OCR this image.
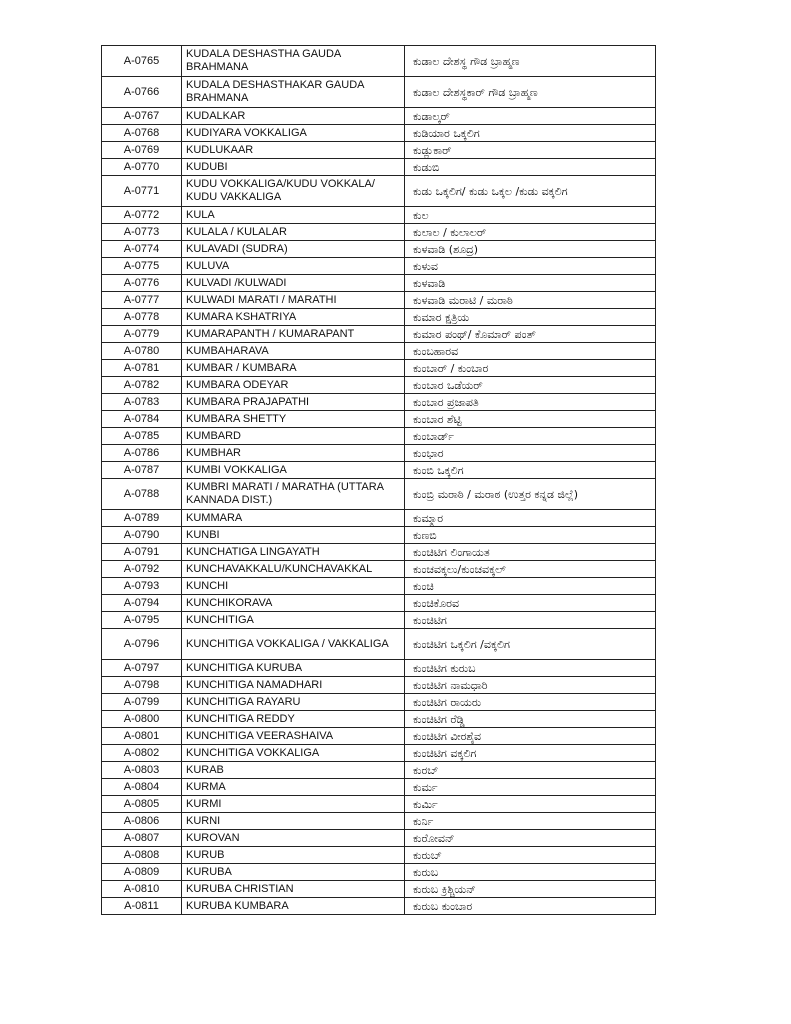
A-0765	KUDALA DESHASTHA GAUDA BRAHMANA	ಕುಡಾಲ ದೇಶಸ್ಥ ಗೌಡ ಬ್ರಾಹ್ಮಣ
A-0766	KUDALA DESHASTHAKAR GAUDA BRAHMANA	ಕುಡಾಲ ದೇಶಸ್ಥಕಾರ್ ಗೌಡ ಬ್ರಾಹ್ಮಣ
A-0767	KUDALKAR	ಕುಡಾಲ್ಕರ್
A-0768	KUDIYARA VOKKALIGA	ಕುಡಿಯಾರ ಒಕ್ಕಲಿಗ
A-0769	KUDLUKAAR	ಕುಡ್ಲುಕಾರ್
A-0770	KUDUBI	ಕುಡುಬಿ
A-0771	KUDU VOKKALIGA/KUDU VOKKALA/ KUDU VAKKALIGA	ಕುಡು ಒಕ್ಕಲಿಗ/ ಕುಡು ಒಕ್ಕಲ /ಕುಡು ವಕ್ಕಲಿಗ
A-0772	KULA	ಕುಲ
A-0773	KULALA / KULALAR	ಕುಲಾಲ / ಕುಲಾಲರ್
A-0774	KULAVADI (SUDRA)	ಕುಳವಾಡಿ (ಶೂದ್ರ)
A-0775	KULUVA	ಕುಳುವ
A-0776	KULVADI /KULWADI	ಕುಳವಾಡಿ
A-0777	KULWADI MARATI / MARATHI	ಕುಳವಾಡಿ ಮರಾಟಿ / ಮರಾಠಿ
A-0778	KUMARA KSHATRIYA	ಕುಮಾರ ಕ್ಷತ್ರಿಯ
A-0779	KUMARAPANTH / KUMARAPANT	ಕುಮಾರ ಪಂಥ್/ ಕೊಮಾರ್ ಪಂತ್
A-0780	KUMBAHARAVA	ಕುಂಬಹಾರವ
A-0781	KUMBAR / KUMBARA	ಕುಂಬಾರ್ / ಕುಂಬಾರ
A-0782	KUMBARA ODEYAR	ಕುಂಬಾರ ಒಡೆಯರ್
A-0783	KUMBARA PRAJAPATHI	ಕುಂಬಾರ ಪ್ರಜಾಪತಿ
A-0784	KUMBARA SHETTY	ಕುಂಬಾರ ಶೆಟ್ಟಿ
A-0785	KUMBARD	ಕುಂಬಾರ್ಡ್
A-0786	KUMBHAR	ಕುಂಭಾರ
A-0787	KUMBI VOKKALIGA	ಕುಂಬಿ ಒಕ್ಕಲಿಗ
A-0788	KUMBRI MARATI / MARATHA (UTTARA KANNADA DIST.)	ಕುಂಬ್ರಿ ಮರಾಠಿ / ಮರಾಠ (ಉತ್ತರ ಕನ್ನಡ ಜಿಲ್ಲೆ)
A-0789	KUMMARA	ಕುಮ್ಮಾರ
A-0790	KUNBI	ಕುಣಬಿ
A-0791	KUNCHATIGA LINGAYATH	ಕುಂಚಿಟಿಗ ಲಿಂಗಾಯತ
A-0792	KUNCHAVAKKALU/KUNCHAVAKKAL	ಕುಂಚವಕ್ಕಲು/ಕುಂಚವಕ್ಕಲ್
A-0793	KUNCHI	ಕುಂಚಿ
A-0794	KUNCHIKORAVA	ಕುಂಚಿಕೊರವ
A-0795	KUNCHITIGA	ಕುಂಚಿಟಿಗ
A-0796	KUNCHITIGA VOKKALIGA / VAKKALIGA	ಕುಂಚಿಟಿಗ ಒಕ್ಕಲಿಗ /ವಕ್ಕಲಿಗ
A-0797	KUNCHITIGA KURUBA	ಕುಂಚಿಟಿಗ ಕುರುಬ
A-0798	KUNCHITIGA NAMADHARI	ಕುಂಚಿಟಿಗ ನಾಮಧಾರಿ
A-0799	KUNCHITIGA RAYARU	ಕುಂಚಿಟಿಗ ರಾಯರು
A-0800	KUNCHITIGA REDDY	ಕುಂಚಿಟಿಗ ರೆಡ್ಡಿ
A-0801	KUNCHITIGA VEERASHAIVA	ಕುಂಚಿಟಿಗ ವೀರಶೈವ
A-0802	KUNCHITIGA VOKKALIGA	ಕುಂಚಿಟಿಗ ವಕ್ಕಲಿಗ
A-0803	KURAB	ಕುರಬ್
A-0804	KURMA	ಕುರ್ಮ
A-0805	KURMI	ಕುರ್ಮಿ
A-0806	KURNI	ಕುರ್ನಿ
A-0807	KUROVAN	ಕುರೋವನ್
A-0808	KURUB	ಕುರುಬ್
A-0809	KURUBA	ಕುರುಬ
A-0810	KURUBA CHRISTIAN	ಕುರುಬ ಕ್ರಿಶ್ಚಿಯನ್
A-0811	KURUBA KUMBARA	ಕುರುಬ ಕುಂಬಾರ
